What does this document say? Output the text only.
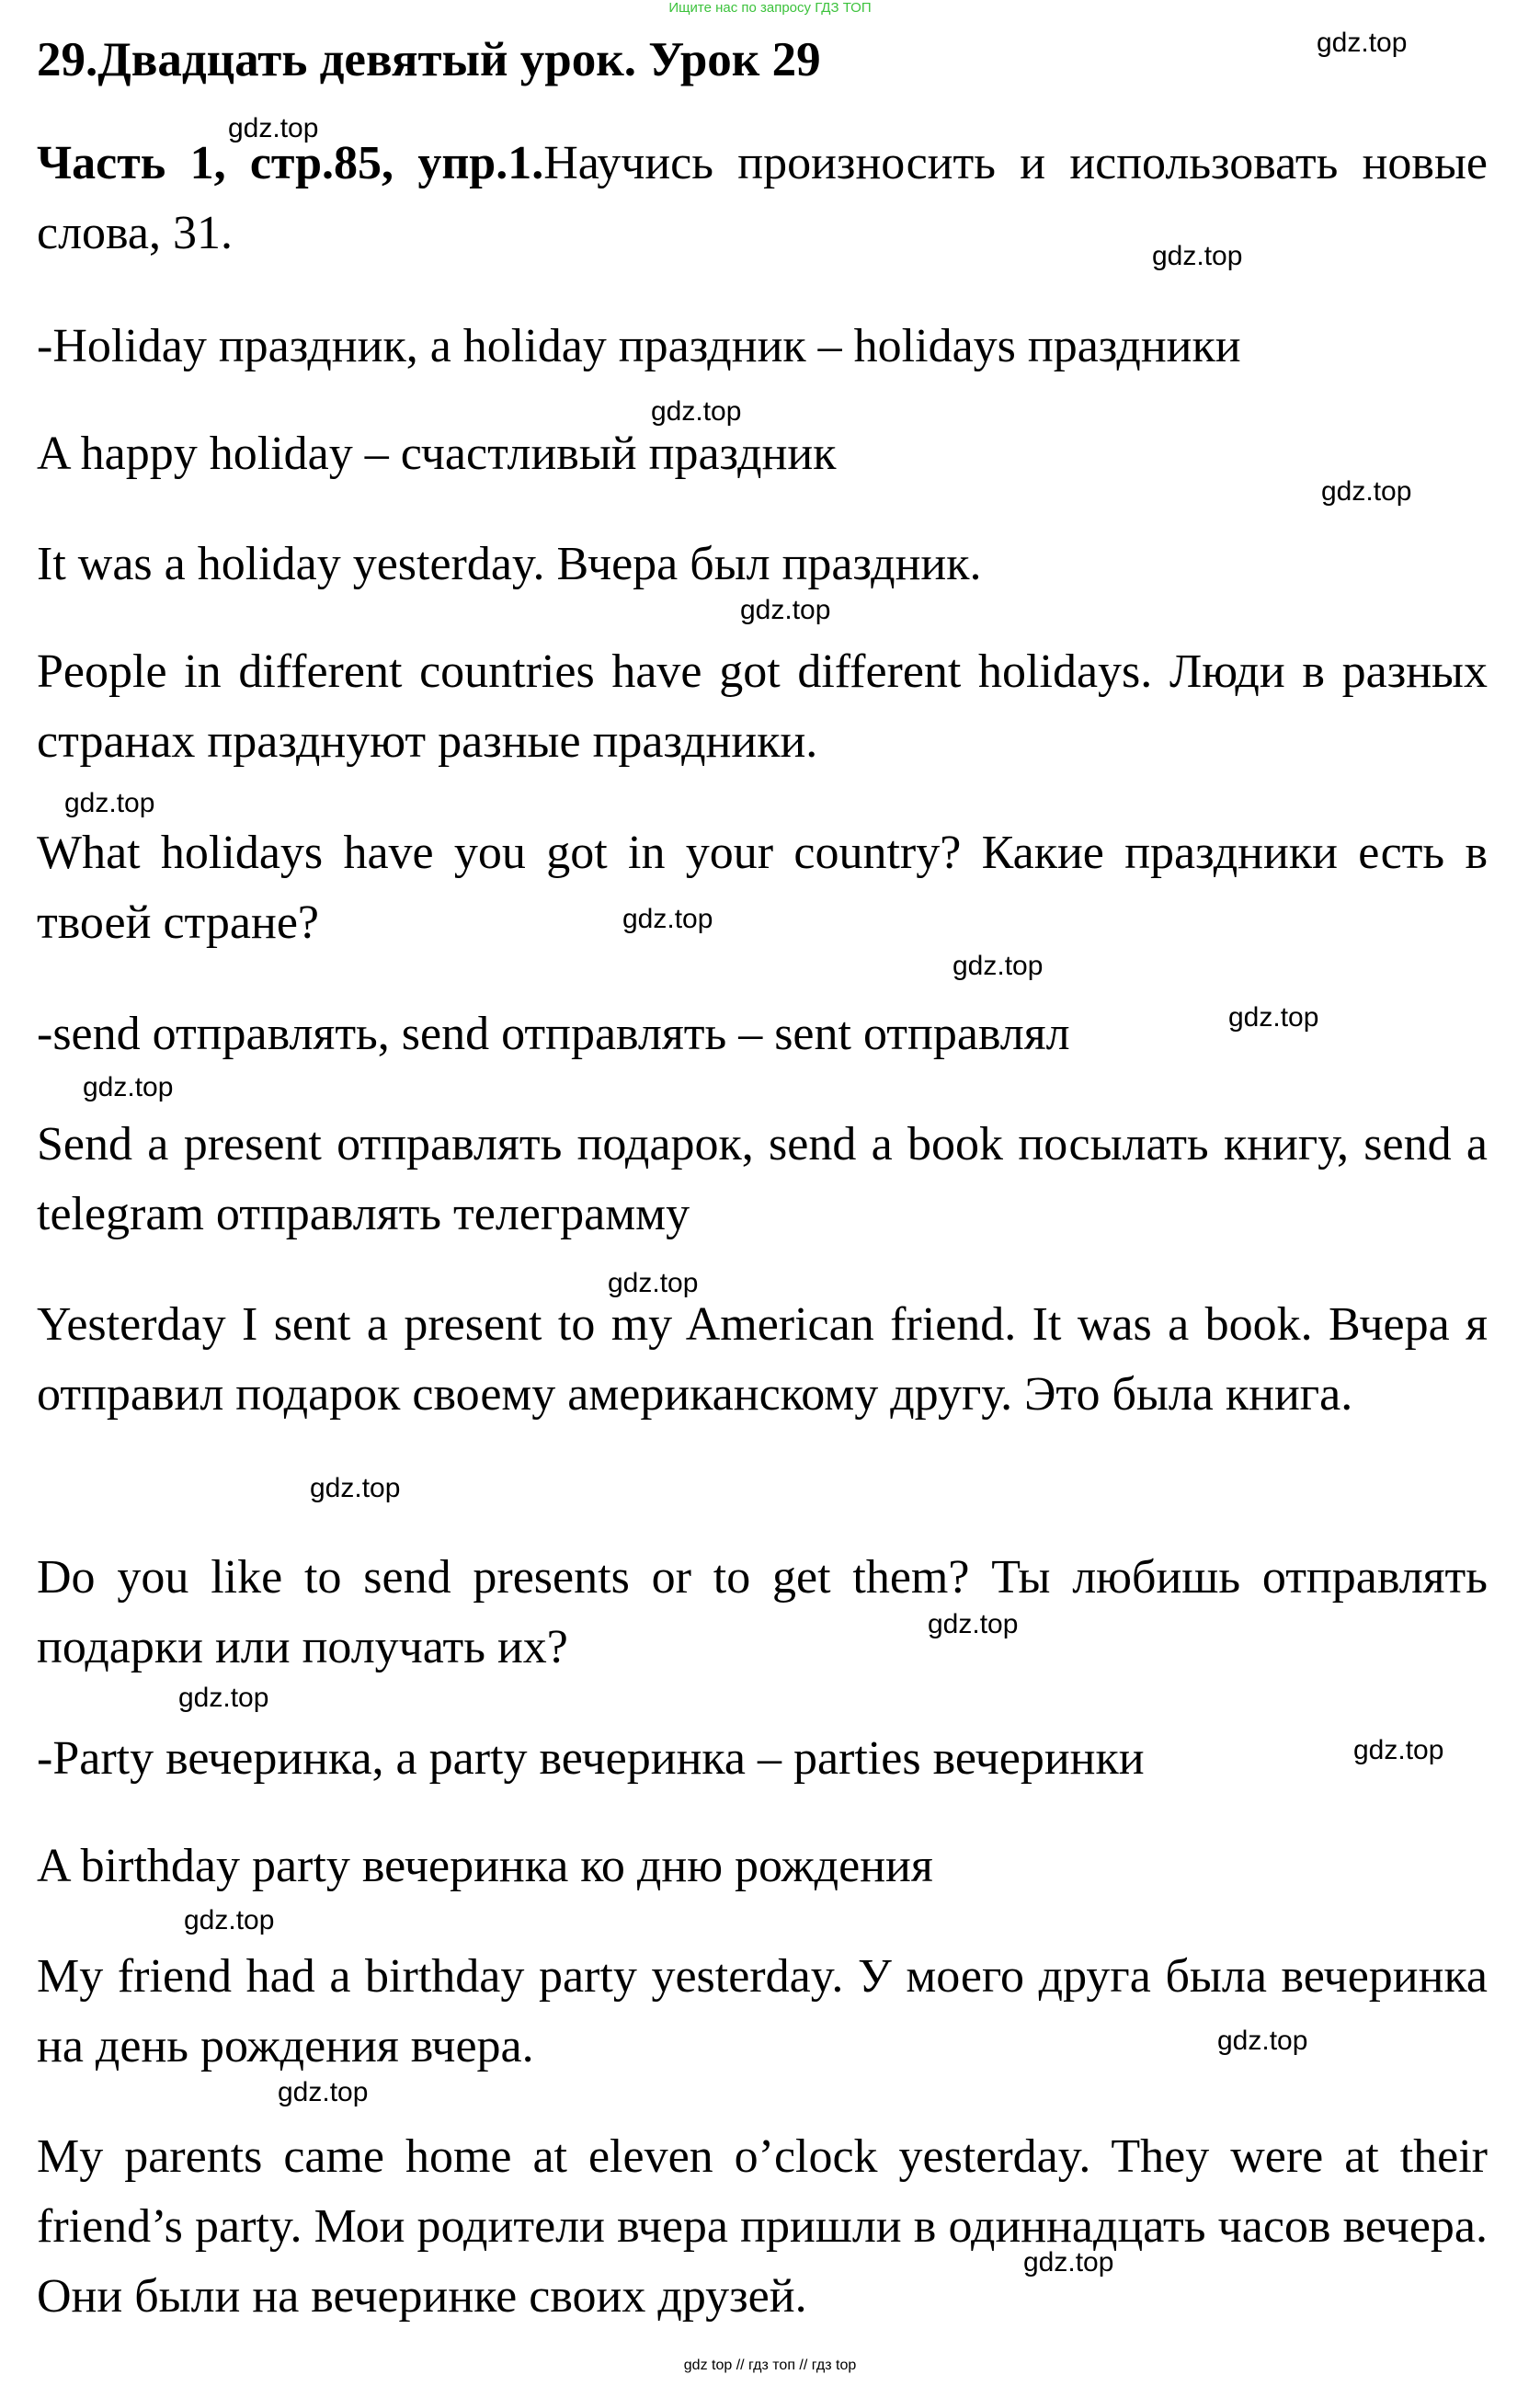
Ищите нас по запросу ГДЗ ТОП
29.Двадцать девятый урок. Урок 29

Часть 1, стр.85, упр.1.Научись произносить и использовать новые слова, 31.

-Holiday праздник, a holiday праздник – holidays праздники

A happy holiday – счастливый праздник

It was a holiday yesterday. Вчера был праздник.

People in different countries have got different holidays. Люди в разных странах празднуют разные праздники.

What holidays have you got in your country? Какие праздники есть в твоей стране?

-send отправлять, send отправлять – sent отправлял

Send a present отправлять подарок, send a book посылать книгу, send a telegram отправлять телеграмму

Yesterday I sent a present to my American friend. It was a book. Вчера я отправил подарок своему американскому другу. Это была книга.

Do you like to send presents or to get them? Ты любишь отправлять подарки или получать их?

-Party вечеринка, a party вечеринка – parties вечеринки

A birthday party вечеринка ко дню рождения

My friend had a birthday party yesterday. У моего друга была вечеринка на день рождения вчера.

My parents came home at eleven o’clock yesterday. They were at their friend’s party. Мои родители вчера пришли в одиннадцать часов вечера. Они были на вечеринке своих друзей.

gdz.top
gdz.top
gdz.top
gdz.top
gdz.top
gdz.top
gdz.top
gdz.top
gdz.top
gdz.top
gdz.top
gdz.top
gdz.top
gdz.top
gdz.top
gdz.top
gdz.top
gdz.top
gdz.top
gdz.top
gdz top // гдз топ // гдз top
